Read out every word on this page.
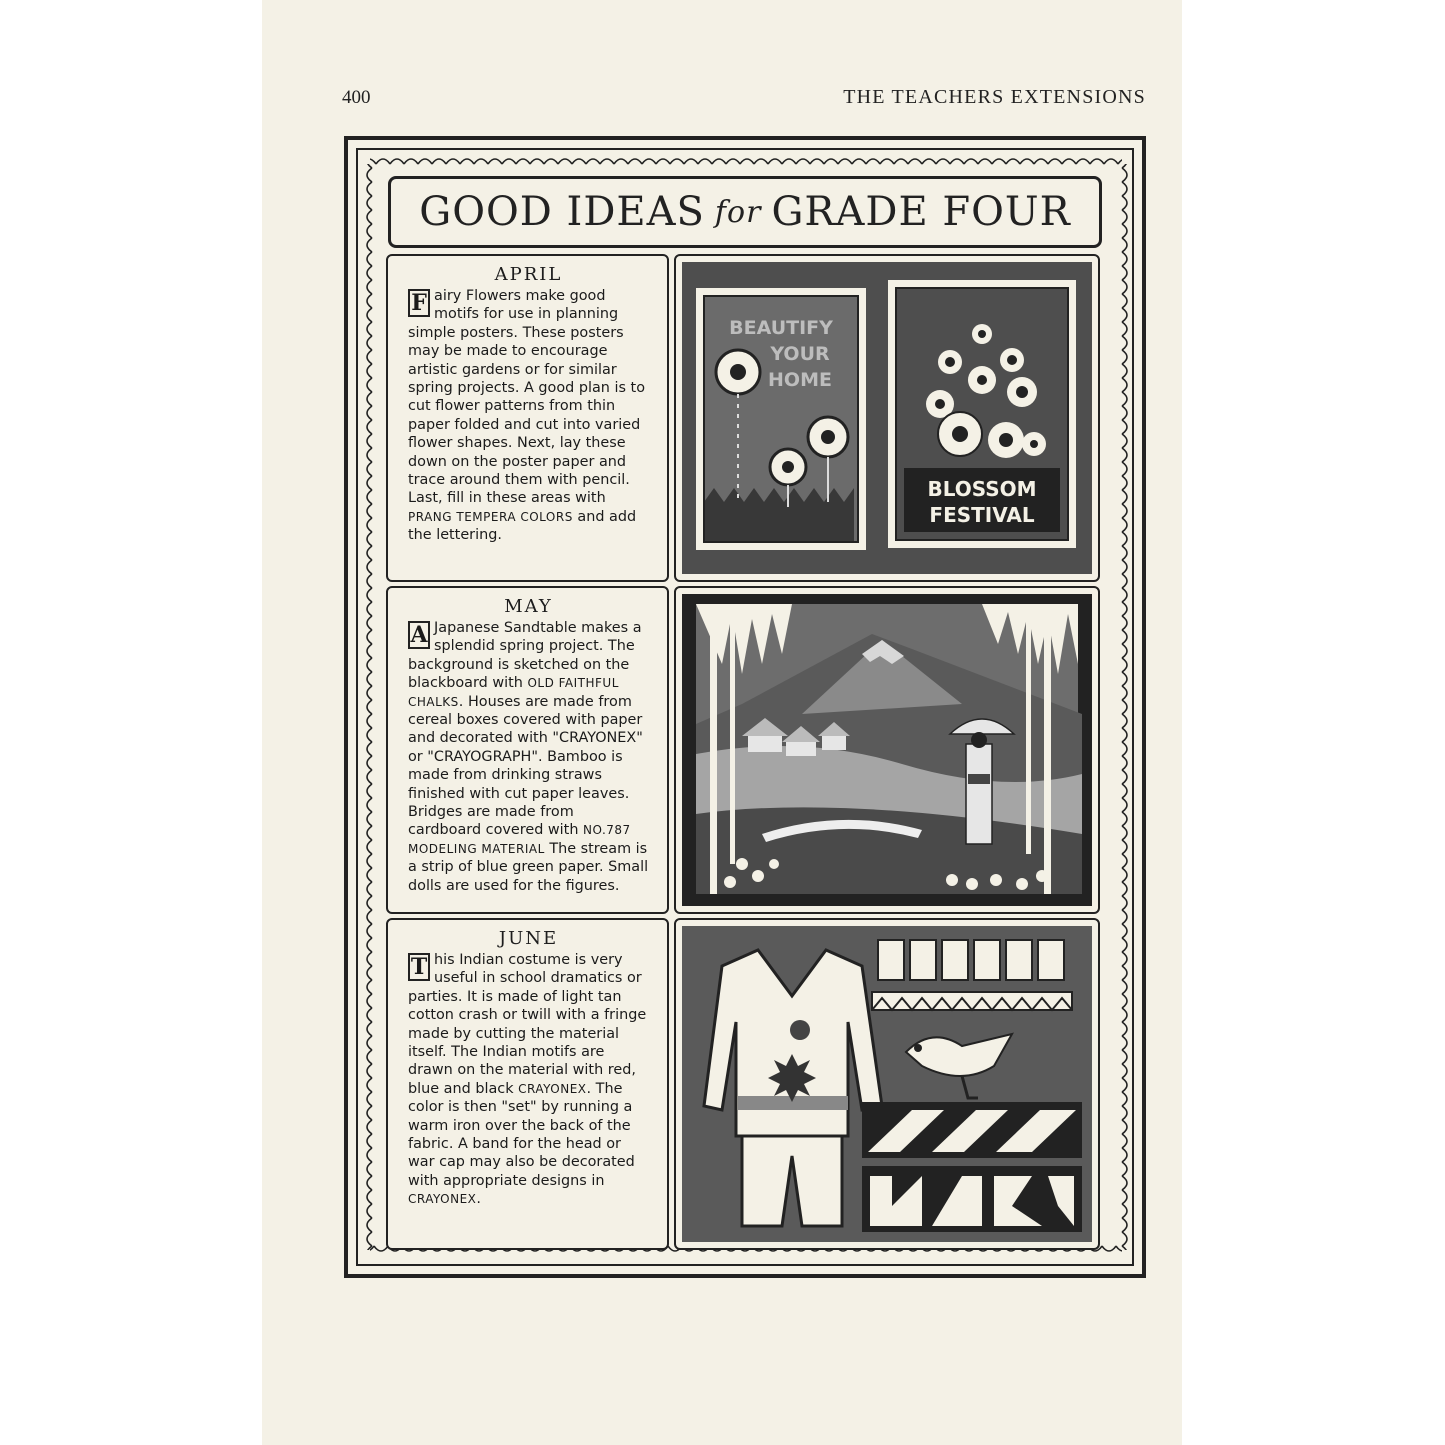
400	THE TEACHERS EXTENSIONS
GOOD IDEAS for GRADE FOUR
APRIL
F airy Flowers make good motifs for use in planning simple posters. These posters may be made to encourage artistic gardens or for similar spring projects. A good plan is to cut flower patterns from thin paper folded and cut into varied flower shapes. Next, lay these down on the poster paper and trace around them with pencil. Last, fill in these areas with PRANG TEMPERA COLORS and add the lettering.
BEAUTIFY
YOUR
HOME
BLOSSOM
FESTIVAL
MAY
A Japanese Sandtable makes a splendid spring project. The background is sketched on the blackboard with OLD FAITHFUL CHALKS. Houses are made from cereal boxes covered with paper and decorated with "CRAYONEX" or "CRAYOGRAPH". Bamboo is made from drinking straws finished with cut paper leaves. Bridges are made from cardboard covered with NO.787 MODELING MATERIAL The stream is a strip of blue green paper. Small dolls are used for the figures.
JUNE
T his Indian costume is very useful in school dramatics or parties. It is made of light tan cotton crash or twill with a fringe made by cutting the material itself. The Indian motifs are drawn on the material with red, blue and black CRAYONEX. The color is then "set" by running a warm iron over the back of the fabric. A band for the head or war cap may also be decorated with appropriate designs in CRAYONEX.
